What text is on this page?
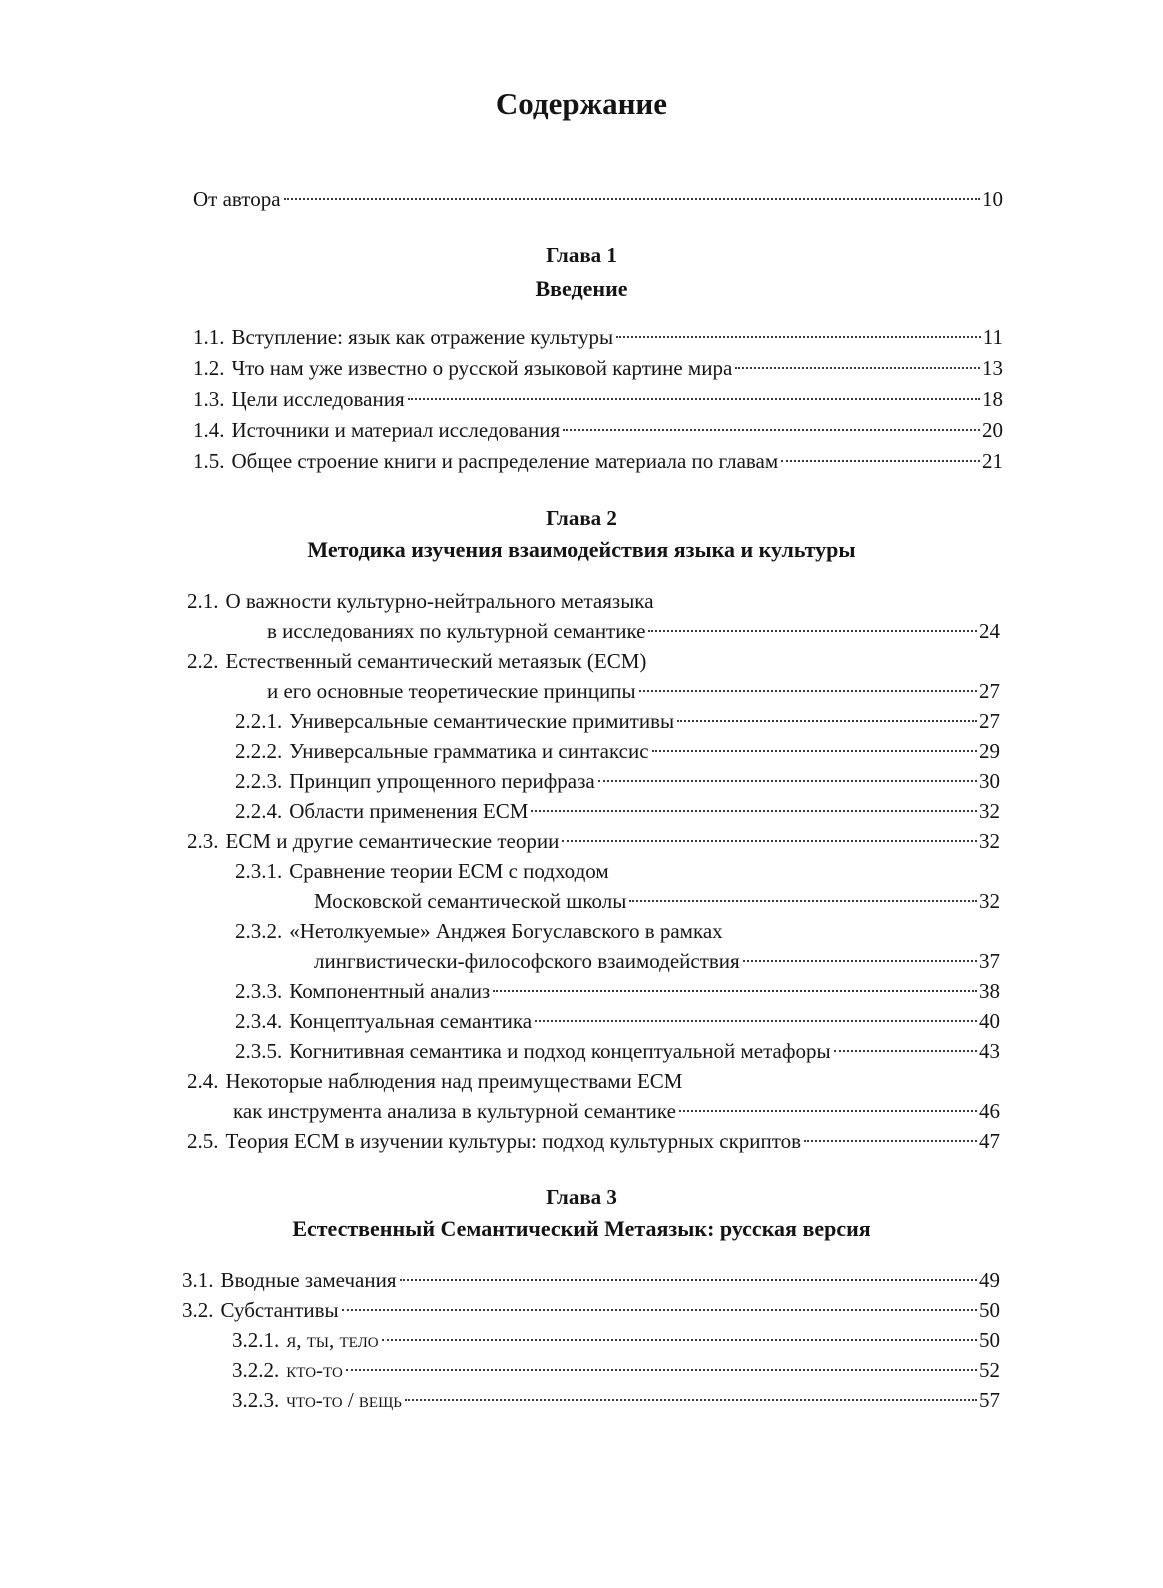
Содержание
От автора	10
Глава 1
Введение
1.1. Вступление: язык как отражение культуры	11
1.2. Что нам уже известно о русской языковой картине мира	13
1.3. Цели исследования	18
1.4. Источники и материал исследования	20
1.5. Общее строение книги и распределение материала по главам	21
Глава 2
Методика изучения взаимодействия языка и культуры
2.1. О важности культурно-нейтрального метаязыка
в исследованиях по культурной семантике	24
2.2. Естественный семантический метаязык (ЕСМ)
и его основные теоретические принципы	27
2.2.1. Универсальные семантические примитивы	27
2.2.2. Универсальные грамматика и синтаксис	29
2.2.3. Принцип упрощенного перифраза	30
2.2.4. Области применения ЕСМ	32
2.3. ЕСМ и другие семантические теории	32
2.3.1. Сравнение теории ЕСМ с подходом
Московской семантической школы	32
2.3.2. «Нетолкуемые» Анджея Богуславского в рамках
лингвистически-философского взаимодействия	37
2.3.3. Компонентный анализ	38
2.3.4. Концептуальная семантика	40
2.3.5. Когнитивная семантика и подход концептуальной метафоры	43
2.4. Некоторые наблюдения над преимуществами ЕСМ
как инструмента анализа в культурной семантике	46
2.5. Теория ЕСМ в изучении культуры: подход культурных скриптов	47
Глава 3
Естественный Семантический Метаязык: русская версия
3.1. Вводные замечания	49
3.2. Субстантивы	50
3.2.1. я, ты, тело	50
3.2.2. кто-то	52
3.2.3. что-то / вещь	57
